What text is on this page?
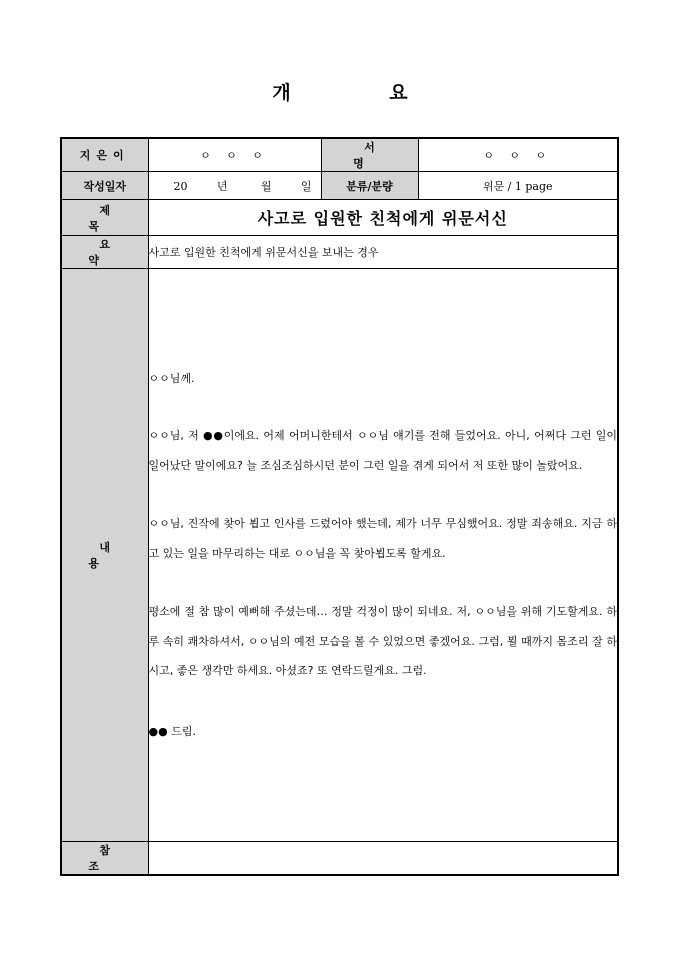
개 요
지은이	ㅇ ㅇ ㅇ	서 명	ㅇ ㅇ ㅇ
작성일자	20 년 월 일	분류/분량	위문 / 1 page
제 목	사고로 입원한 친척에게 위문서신		
요 약	사고로 입원한 친척에게 위문서신을 보내는 경우		
내 용	ㅇㅇ님께.
ㅇㅇ님, 저 ●●이에요. 어제 어머니한테서 ㅇㅇ님 얘기를 전해 들었어요. 아니, 어쩌다 그런 일이 일어났단 말이에요? 늘 조심조심하시던 분이 그런 일을 겪게 되어서 저 또한 많이 놀랐어요.
ㅇㅇ님, 진작에 찾아 뵙고 인사를 드렸어야 했는데, 제가 너무 무심했어요. 정말 죄송해요. 지금 하고 있는 일을 마무리하는 대로 ㅇㅇ님을 꼭 찾아뵙도록 할게요.
평소에 절 참 많이 예뻐해 주셨는데… 정말 걱정이 많이 되네요. 저, ㅇㅇ님을 위해 기도할게요. 하루 속히 쾌차하셔서, ㅇㅇ님의 예전 모습을 볼 수 있었으면 좋겠어요. 그럼, 뵐 때까지 몸조리 잘 하시고, 좋은 생각만 하세요. 아셨죠? 또 연락드릴게요. 그럼.
●● 드림.		

참 조			
